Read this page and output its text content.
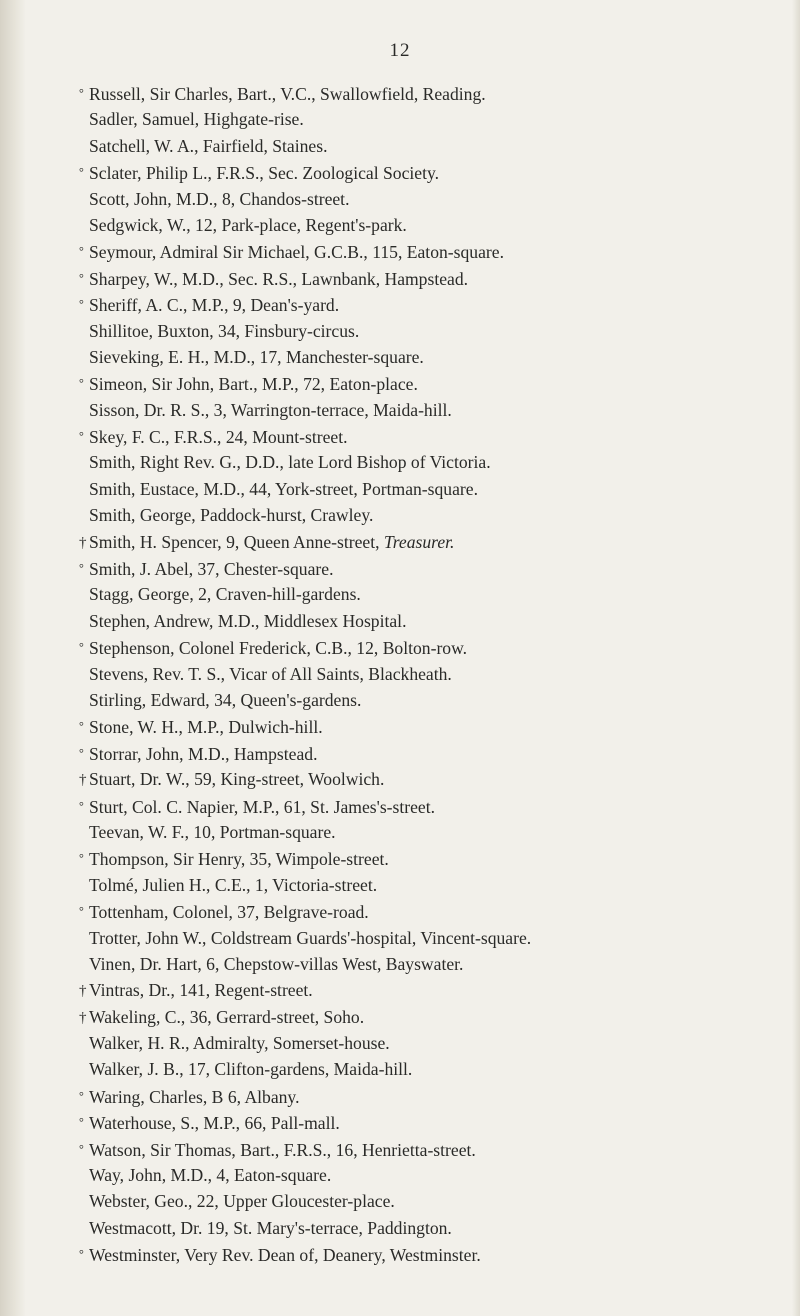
12
° Russell, Sir Charles, Bart., V.C., Swallowfield, Reading.
Sadler, Samuel, Highgate-rise.
Satchell, W. A., Fairfield, Staines.
° Sclater, Philip L., F.R.S., Sec. Zoological Society.
Scott, John, M.D., 8, Chandos-street.
Sedgwick, W., 12, Park-place, Regent's-park.
° Seymour, Admiral Sir Michael, G.C.B., 115, Eaton-square.
° Sharpey, W., M.D., Sec. R.S., Lawnbank, Hampstead.
° Sheriff, A. C., M.P., 9, Dean's-yard.
Shillitoe, Buxton, 34, Finsbury-circus.
Sieveking, E. H., M.D., 17, Manchester-square.
° Simeon, Sir John, Bart., M.P., 72, Eaton-place.
Sisson, Dr. R. S., 3, Warrington-terrace, Maida-hill.
° Skey, F. C., F.R.S., 24, Mount-street.
Smith, Right Rev. G., D.D., late Lord Bishop of Victoria.
Smith, Eustace, M.D., 44, York-street, Portman-square.
Smith, George, Paddock-hurst, Crawley.
† Smith, H. Spencer, 9, Queen Anne-street, Treasurer.
° Smith, J. Abel, 37, Chester-square.
Stagg, George, 2, Craven-hill-gardens.
Stephen, Andrew, M.D., Middlesex Hospital.
° Stephenson, Colonel Frederick, C.B., 12, Bolton-row.
Stevens, Rev. T. S., Vicar of All Saints, Blackheath.
Stirling, Edward, 34, Queen's-gardens.
° Stone, W. H., M.P., Dulwich-hill.
° Storrar, John, M.D., Hampstead.
† Stuart, Dr. W., 59, King-street, Woolwich.
° Sturt, Col. C. Napier, M.P., 61, St. James's-street.
Teevan, W. F., 10, Portman-square.
° Thompson, Sir Henry, 35, Wimpole-street.
Tolmé, Julien H., C.E., 1, Victoria-street.
° Tottenham, Colonel, 37, Belgrave-road.
Trotter, John W., Coldstream Guards'-hospital, Vincent-square.
Vinen, Dr. Hart, 6, Chepstow-villas West, Bayswater.
† Vintras, Dr., 141, Regent-street.
† Wakeling, C., 36, Gerrard-street, Soho.
Walker, H. R., Admiralty, Somerset-house.
Walker, J. B., 17, Clifton-gardens, Maida-hill.
° Waring, Charles, B 6, Albany.
° Waterhouse, S., M.P., 66, Pall-mall.
° Watson, Sir Thomas, Bart., F.R.S., 16, Henrietta-street.
Way, John, M.D., 4, Eaton-square.
Webster, Geo., 22, Upper Gloucester-place.
Westmacott, Dr. 19, St. Mary's-terrace, Paddington.
° Westminster, Very Rev. Dean of, Deanery, Westminster.
